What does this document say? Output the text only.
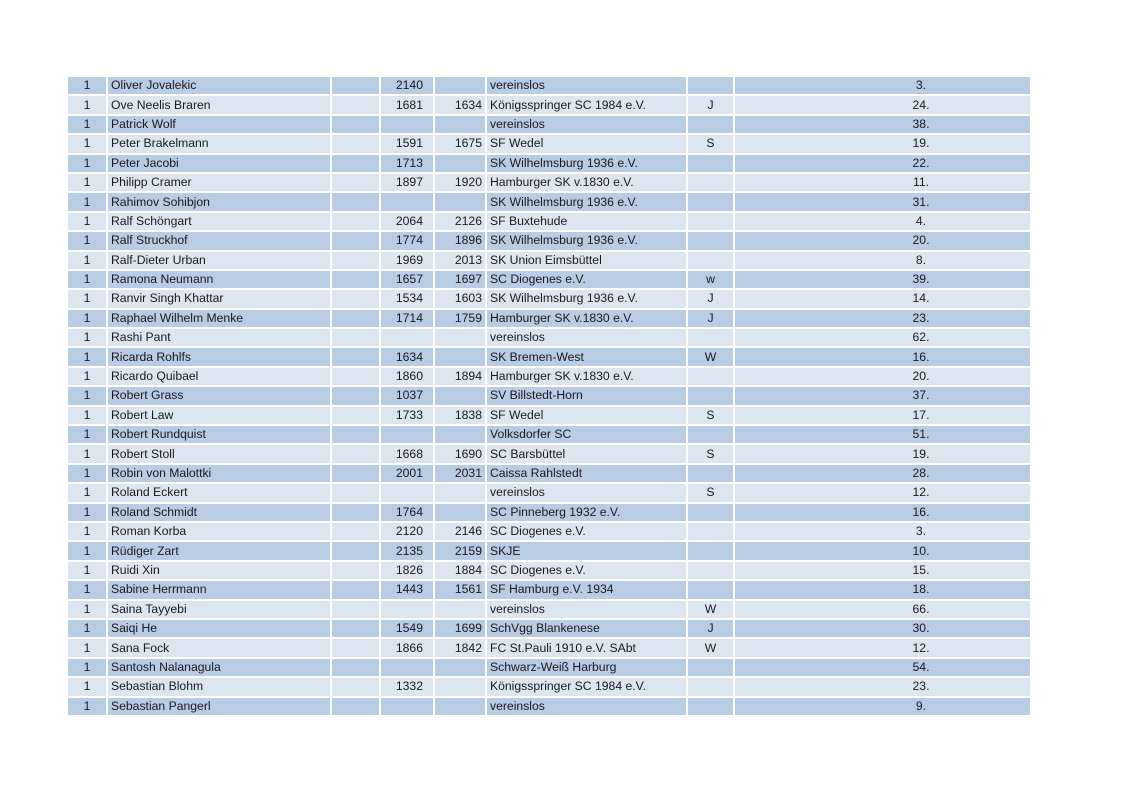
1	Oliver Jovalekic		2140		vereinslos		3.
1	Ove Neelis Braren		1681	1634	Königsspringer SC 1984 e.V.	J	24.
1	Patrick Wolf				vereinslos		38.
1	Peter Brakelmann		1591	1675	SF Wedel	S	19.
1	Peter Jacobi		1713		SK Wilhelmsburg 1936 e.V.		22.
1	Philipp Cramer		1897	1920	Hamburger SK v.1830 e.V.		11.
1	Rahimov Sohibjon				SK Wilhelmsburg 1936 e.V.		31.
1	Ralf Schöngart		2064	2126	SF Buxtehude		4.
1	Ralf Struckhof		1774	1896	SK Wilhelmsburg 1936 e.V.		20.
1	Ralf-Dieter Urban		1969	2013	SK Union Eimsbüttel		8.
1	Ramona Neumann		1657	1697	SC Diogenes e.V.	w	39.
1	Ranvir Singh Khattar		1534	1603	SK Wilhelmsburg 1936 e.V.	J	14.
1	Raphael Wilhelm Menke		1714	1759	Hamburger SK v.1830 e.V.	J	23.
1	Rashi Pant				vereinslos		62.
1	Ricarda Rohlfs		1634		SK Bremen-West	W	16.
1	Ricardo Quibael		1860	1894	Hamburger SK v.1830 e.V.		20.
1	Robert Grass		1037		SV Billstedt-Horn		37.
1	Robert Law		1733	1838	SF Wedel	S	17.
1	Robert Rundquist				Volksdorfer SC		51.
1	Robert Stoll		1668	1690	SC Barsbüttel	S	19.
1	Robin von Malottki		2001	2031	Caissa Rahlstedt		28.
1	Roland Eckert				vereinslos	S	12.
1	Roland Schmidt		1764		SC Pinneberg 1932 e.V.		16.
1	Roman Korba		2120	2146	SC Diogenes e.V.		3.
1	Rüdiger Zart		2135	2159	SKJE		10.
1	Ruidi Xin		1826	1884	SC Diogenes e.V.		15.
1	Sabine Herrmann		1443	1561	SF Hamburg e.V. 1934		18.
1	Saina Tayyebi				vereinslos	W	66.
1	Saiqi He		1549	1699	SchVgg Blankenese	J	30.
1	Sana Fock		1866	1842	FC St.Pauli 1910 e.V. SAbt	W	12.
1	Santosh Nalanagula				Schwarz-Weiß Harburg		54.
1	Sebastian Blohm		1332		Königsspringer SC 1984 e.V.		23.
1	Sebastian Pangerl				vereinslos		9.
